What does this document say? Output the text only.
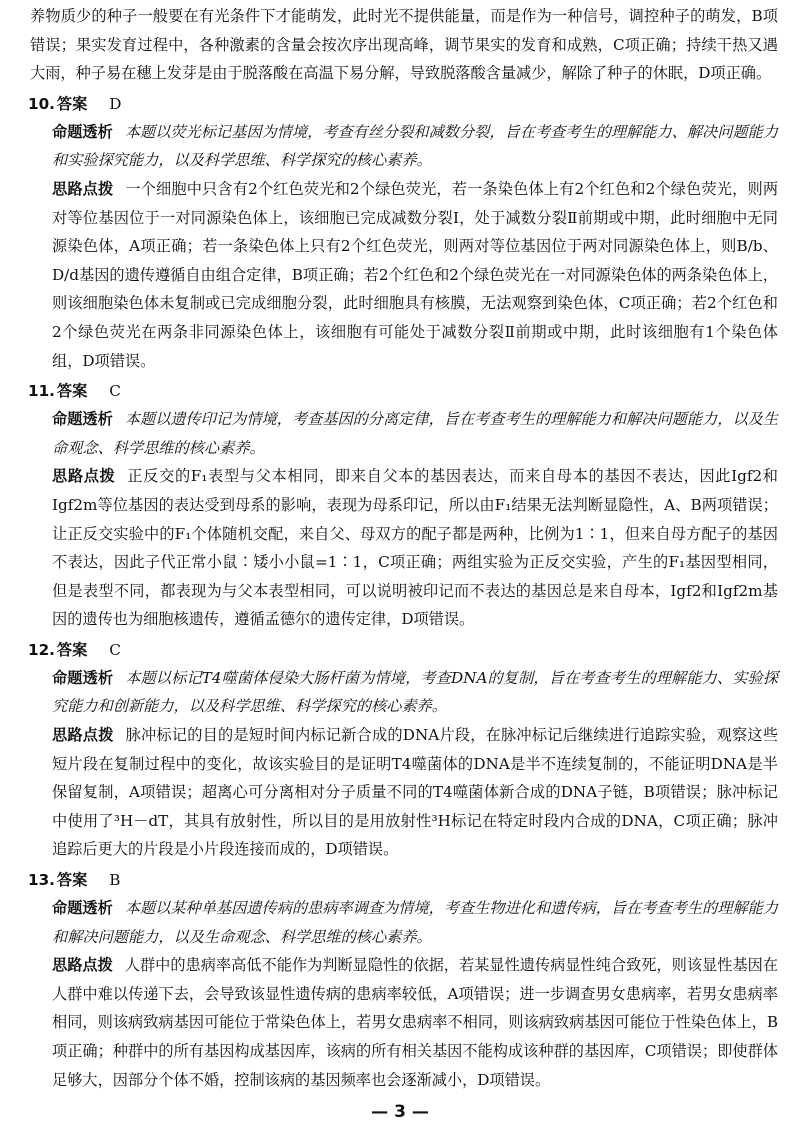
养物质少的种子一般要在有光条件下才能萌发，此时光不提供能量，而是作为一种信号，调控种子的萌发，B项错误；果实发育过程中，各种激素的含量会按次序出现高峰，调节果实的发育和成熟，C项正确；持续干热又遇大雨，种子易在穗上发芽是由于脱落酸在高温下易分解，导致脱落酸含量减少，解除了种子的休眠，D项正确。

10. 答案 D

命题透析 本题以荧光标记基因为情境，考查有丝分裂和减数分裂，旨在考查考生的理解能力、解决问题能力和实验探究能力，以及科学思维、科学探究的核心素养。

思路点拨 一个细胞中只含有2个红色荧光和2个绿色荧光，若一条染色体上有2个红色和2个绿色荧光，则两对等位基因位于一对同源染色体上，该细胞已完成减数分裂Ⅰ，处于减数分裂Ⅱ前期或中期，此时细胞中无同源染色体，A项正确；若一条染色体上只有2个红色荧光，则两对等位基因位于两对同源染色体上，则B/b、D/d基因的遗传遵循自由组合定律，B项正确；若2个红色和2个绿色荧光在一对同源染色体的两条染色体上，则该细胞染色体未复制或已完成细胞分裂，此时细胞具有核膜，无法观察到染色体，C项正确；若2个红色和2个绿色荧光在两条非同源染色体上，该细胞有可能处于减数分裂Ⅱ前期或中期，此时该细胞有1个染色体组，D项错误。

11. 答案 C

命题透析 本题以遗传印记为情境，考查基因的分离定律，旨在考查考生的理解能力和解决问题能力，以及生命观念、科学思维的核心素养。

思路点拨 正反交的F₁表型与父本相同，即来自父本的基因表达，而来自母本的基因不表达，因此Igf2和Igf2m等位基因的表达受到母系的影响，表现为母系印记，所以由F₁结果无法判断显隐性，A、B两项错误；让正反交实验中的F₁个体随机交配，来自父、母双方的配子都是两种，比例为1∶1，但来自母方配子的基因不表达，因此子代正常小鼠∶矮小小鼠=1∶1，C项正确；两组实验为正反交实验，产生的F₁基因型相同，但是表型不同，都表现为与父本表型相同，可以说明被印记而不表达的基因总是来自母本，Igf2和Igf2m基因的遗传也为细胞核遗传，遵循孟德尔的遗传定律，D项错误。

12. 答案 C

命题透析 本题以标记T4噬菌体侵染大肠杆菌为情境，考查DNA的复制，旨在考查考生的理解能力、实验探究能力和创新能力，以及科学思维、科学探究的核心素养。

思路点拨 脉冲标记的目的是短时间内标记新合成的DNA片段，在脉冲标记后继续进行追踪实验，观察这些短片段在复制过程中的变化，故该实验目的是证明T4噬菌体的DNA是半不连续复制的，不能证明DNA是半保留复制，A项错误；超离心可分离相对分子质量不同的T4噬菌体新合成的DNA子链，B项错误；脉冲标记中使用了³H－dT，其具有放射性，所以目的是用放射性³H标记在特定时段内合成的DNA，C项正确；脉冲追踪后更大的片段是小片段连接而成的，D项错误。

13. 答案 B

命题透析 本题以某种单基因遗传病的患病率调查为情境，考查生物进化和遗传病，旨在考查考生的理解能力和解决问题能力，以及生命观念、科学思维的核心素养。

思路点拨 人群中的患病率高低不能作为判断显隐性的依据，若某显性遗传病显性纯合致死，则该显性基因在人群中难以传递下去，会导致该显性遗传病的患病率较低，A项错误；进一步调查男女患病率，若男女患病率相同，则该病致病基因可能位于常染色体上，若男女患病率不相同，则该病致病基因可能位于性染色体上，B项正确；种群中的所有基因构成基因库，该病的所有相关基因不能构成该种群的基因库，C项错误；即使群体足够大，因部分个体不婚，控制该病的基因频率也会逐渐减小，D项错误。

— 3 —
